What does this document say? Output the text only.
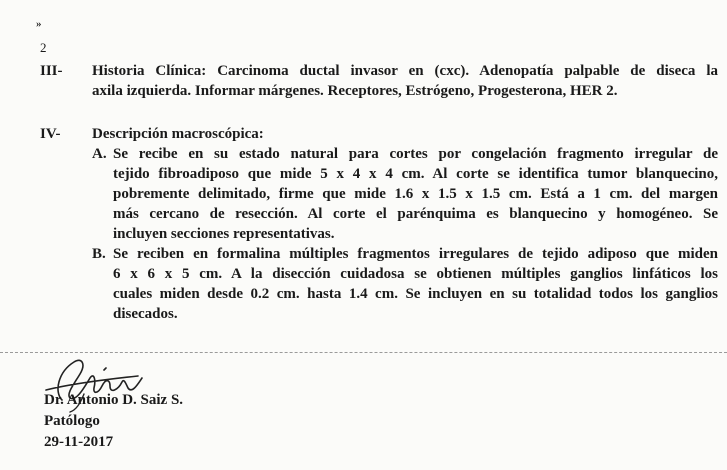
»
2
III- Historia Clínica: Carcinoma ductal invasor en (cxc). Adenopatía palpable de diseca la
axila izquierda. Informar márgenes. Receptores, Estrógeno, Progesterona, HER 2.
IV- Descripción macroscópica:
A. Se recibe en su estado natural para cortes por congelación fragmento irregular de
tejido fibroadiposo que mide 5 x 4 x 4 cm. Al corte se identifica tumor blanquecino,
pobremente delimitado, firme que mide 1.6 x 1.5 x 1.5 cm. Está a 1 cm. del margen
más cercano de resección. Al corte el parénquima es blanquecino y homogéneo. Se
incluyen secciones representativas.
B. Se reciben en formalina múltiples fragmentos irregulares de tejido adiposo que miden
6 x 6 x 5 cm. A la disección cuidadosa se obtienen múltiples ganglios linfáticos los
cuales miden desde 0.2 cm. hasta 1.4 cm. Se incluyen en su totalidad todos los ganglios
disecados.
Dr. Antonio D. Saiz S.
Patólogo
29-11-2017
